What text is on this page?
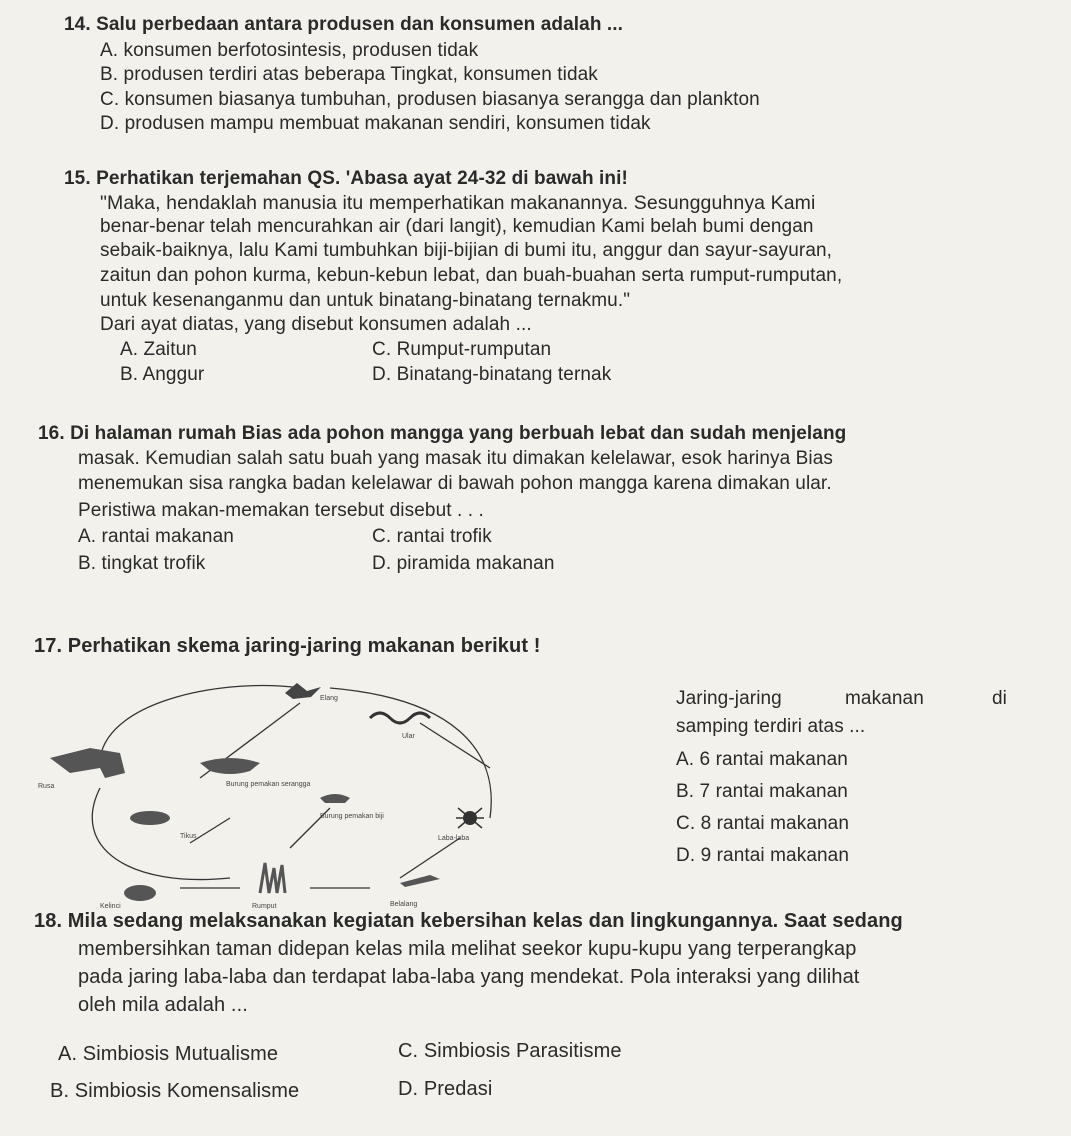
14. Salu perbedaan antara produsen dan konsumen adalah ...
A. konsumen berfotosintesis, produsen tidak
B. produsen terdiri atas beberapa Tingkat, konsumen tidak
C. konsumen biasanya tumbuhan, produsen biasanya serangga dan plankton
D. produsen mampu membuat makanan sendiri, konsumen tidak
15. Perhatikan terjemahan QS. 'Abasa ayat 24-32 di bawah ini!
"Maka, hendaklah manusia itu memperhatikan makanannya. Sesungguhnya Kami
benar-benar telah mencurahkan air (dari langit), kemudian Kami belah bumi dengan
sebaik-baiknya, lalu Kami tumbuhkan biji-bijian di bumi itu, anggur dan sayur-sayuran,
zaitun dan pohon kurma, kebun-kebun lebat, dan buah-buahan serta rumput-rumputan,
untuk kesenanganmu dan untuk binatang-binatang ternakmu."
Dari ayat diatas, yang disebut konsumen adalah ...
A. Zaitun	C. Rumput-rumputan
B. Anggur	D. Binatang-binatang ternak
16. Di halaman rumah Bias ada pohon mangga yang berbuah lebat dan sudah menjelang
masak. Kemudian salah satu buah yang masak itu dimakan kelelawar, esok harinya Bias
menemukan sisa rangka badan kelelawar di bawah pohon mangga karena dimakan ular.
Peristiwa makan-memakan tersebut disebut . . .
A. rantai makanan	C. rantai trofik
B. tingkat trofik	D. piramida makanan
17. Perhatikan skema jaring-jaring makanan berikut !
Elang
Ular
Rusa	Burung pemakan serangga
Tikus
Burung pemakan biji
Laba-laba
Rumput
Kelinci	Belalang
Jaring-jaring	makanan	di
samping terdiri atas ...
A. 6 rantai makanan
B. 7 rantai makanan
C. 8 rantai makanan
D. 9 rantai makanan
18. Mila sedang melaksanakan kegiatan kebersihan kelas dan lingkungannya. Saat sedang
membersihkan taman didepan kelas mila melihat seekor kupu-kupu yang terperangkap
pada jaring laba-laba dan terdapat laba-laba yang mendekat. Pola interaksi yang dilihat
oleh mila adalah ...
A. Simbiosis Mutualisme	C. Simbiosis Parasitisme
B. Simbiosis Komensalisme	D. Predasi
